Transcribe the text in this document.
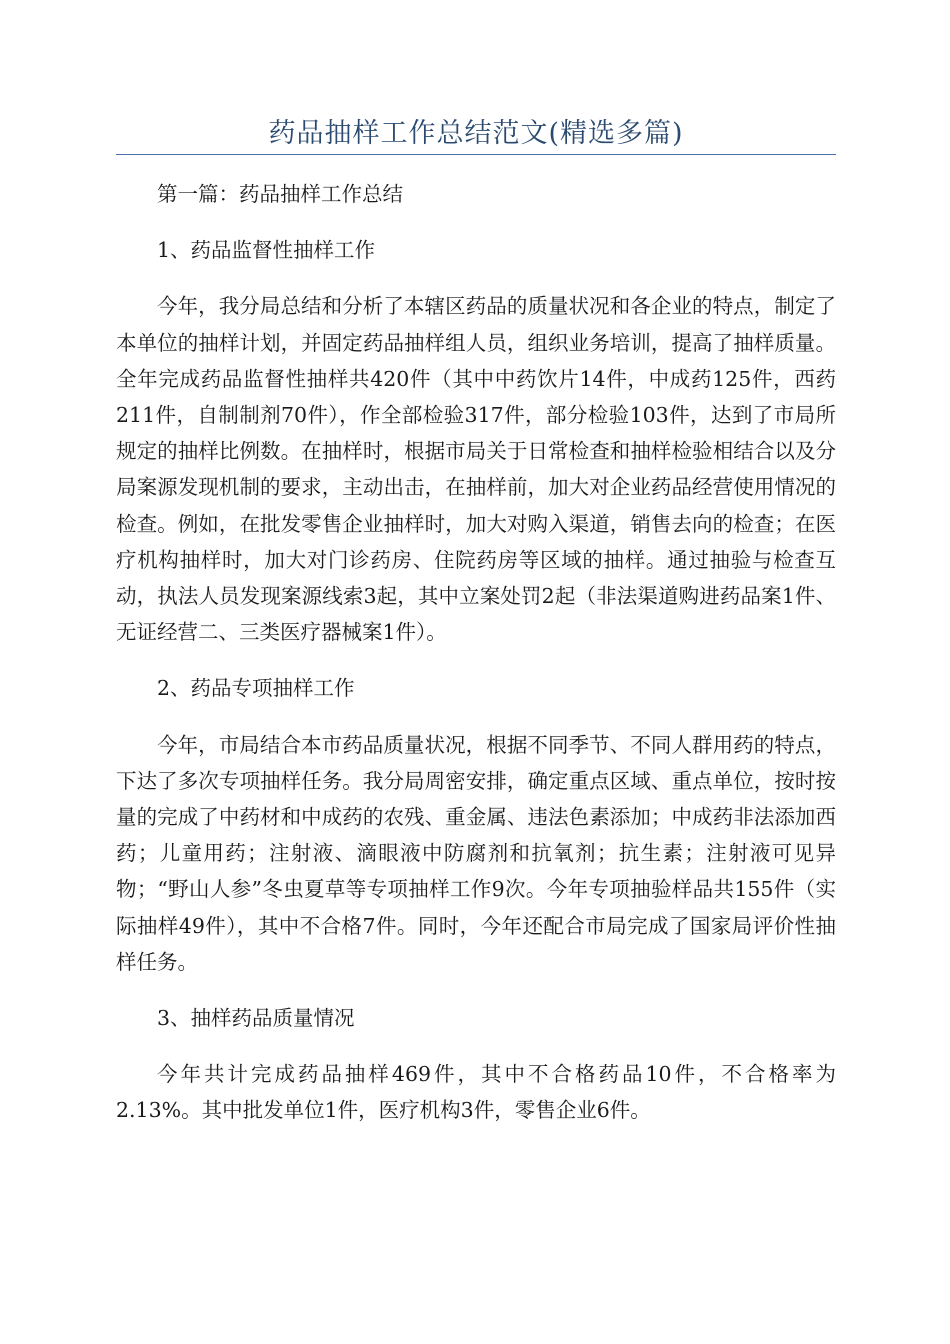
药品抽样工作总结范文(精选多篇)

第一篇：药品抽样工作总结

1、药品监督性抽样工作

今年，我分局总结和分析了本辖区药品的质量状况和各企业的特点，制定了本单位的抽样计划，并固定药品抽样组人员，组织业务培训，提高了抽样质量。全年完成药品监督性抽样共420件（其中中药饮片14件，中成药125件，西药211件，自制制剂70件），作全部检验317件，部分检验103件，达到了市局所规定的抽样比例数。在抽样时，根据市局关于日常检查和抽样检验相结合以及分局案源发现机制的要求，主动出击，在抽样前，加大对企业药品经营使用情况的检查。例如，在批发零售企业抽样时，加大对购入渠道，销售去向的检查；在医疗机构抽样时，加大对门诊药房、住院药房等区域的抽样。通过抽验与检查互动，执法人员发现案源线索3起，其中立案处罚2起（非法渠道购进药品案1件、无证经营二、三类医疗器械案1件）。

2、药品专项抽样工作

今年，市局结合本市药品质量状况，根据不同季节、不同人群用药的特点，下达了多次专项抽样任务。我分局周密安排，确定重点区域、重点单位，按时按量的完成了中药材和中成药的农残、重金属、违法色素添加；中成药非法添加西药；儿童用药；注射液、滴眼液中防腐剂和抗氧剂；抗生素；注射液可见异物；“野山人参”冬虫夏草等专项抽样工作9次。今年专项抽验样品共155件（实际抽样49件），其中不合格7件。同时，今年还配合市局完成了国家局评价性抽样任务。

3、抽样药品质量情况

今年共计完成药品抽样469件，其中不合格药品10件，不合格率为2.13%。其中批发单位1件，医疗机构3件，零售企业6件。
